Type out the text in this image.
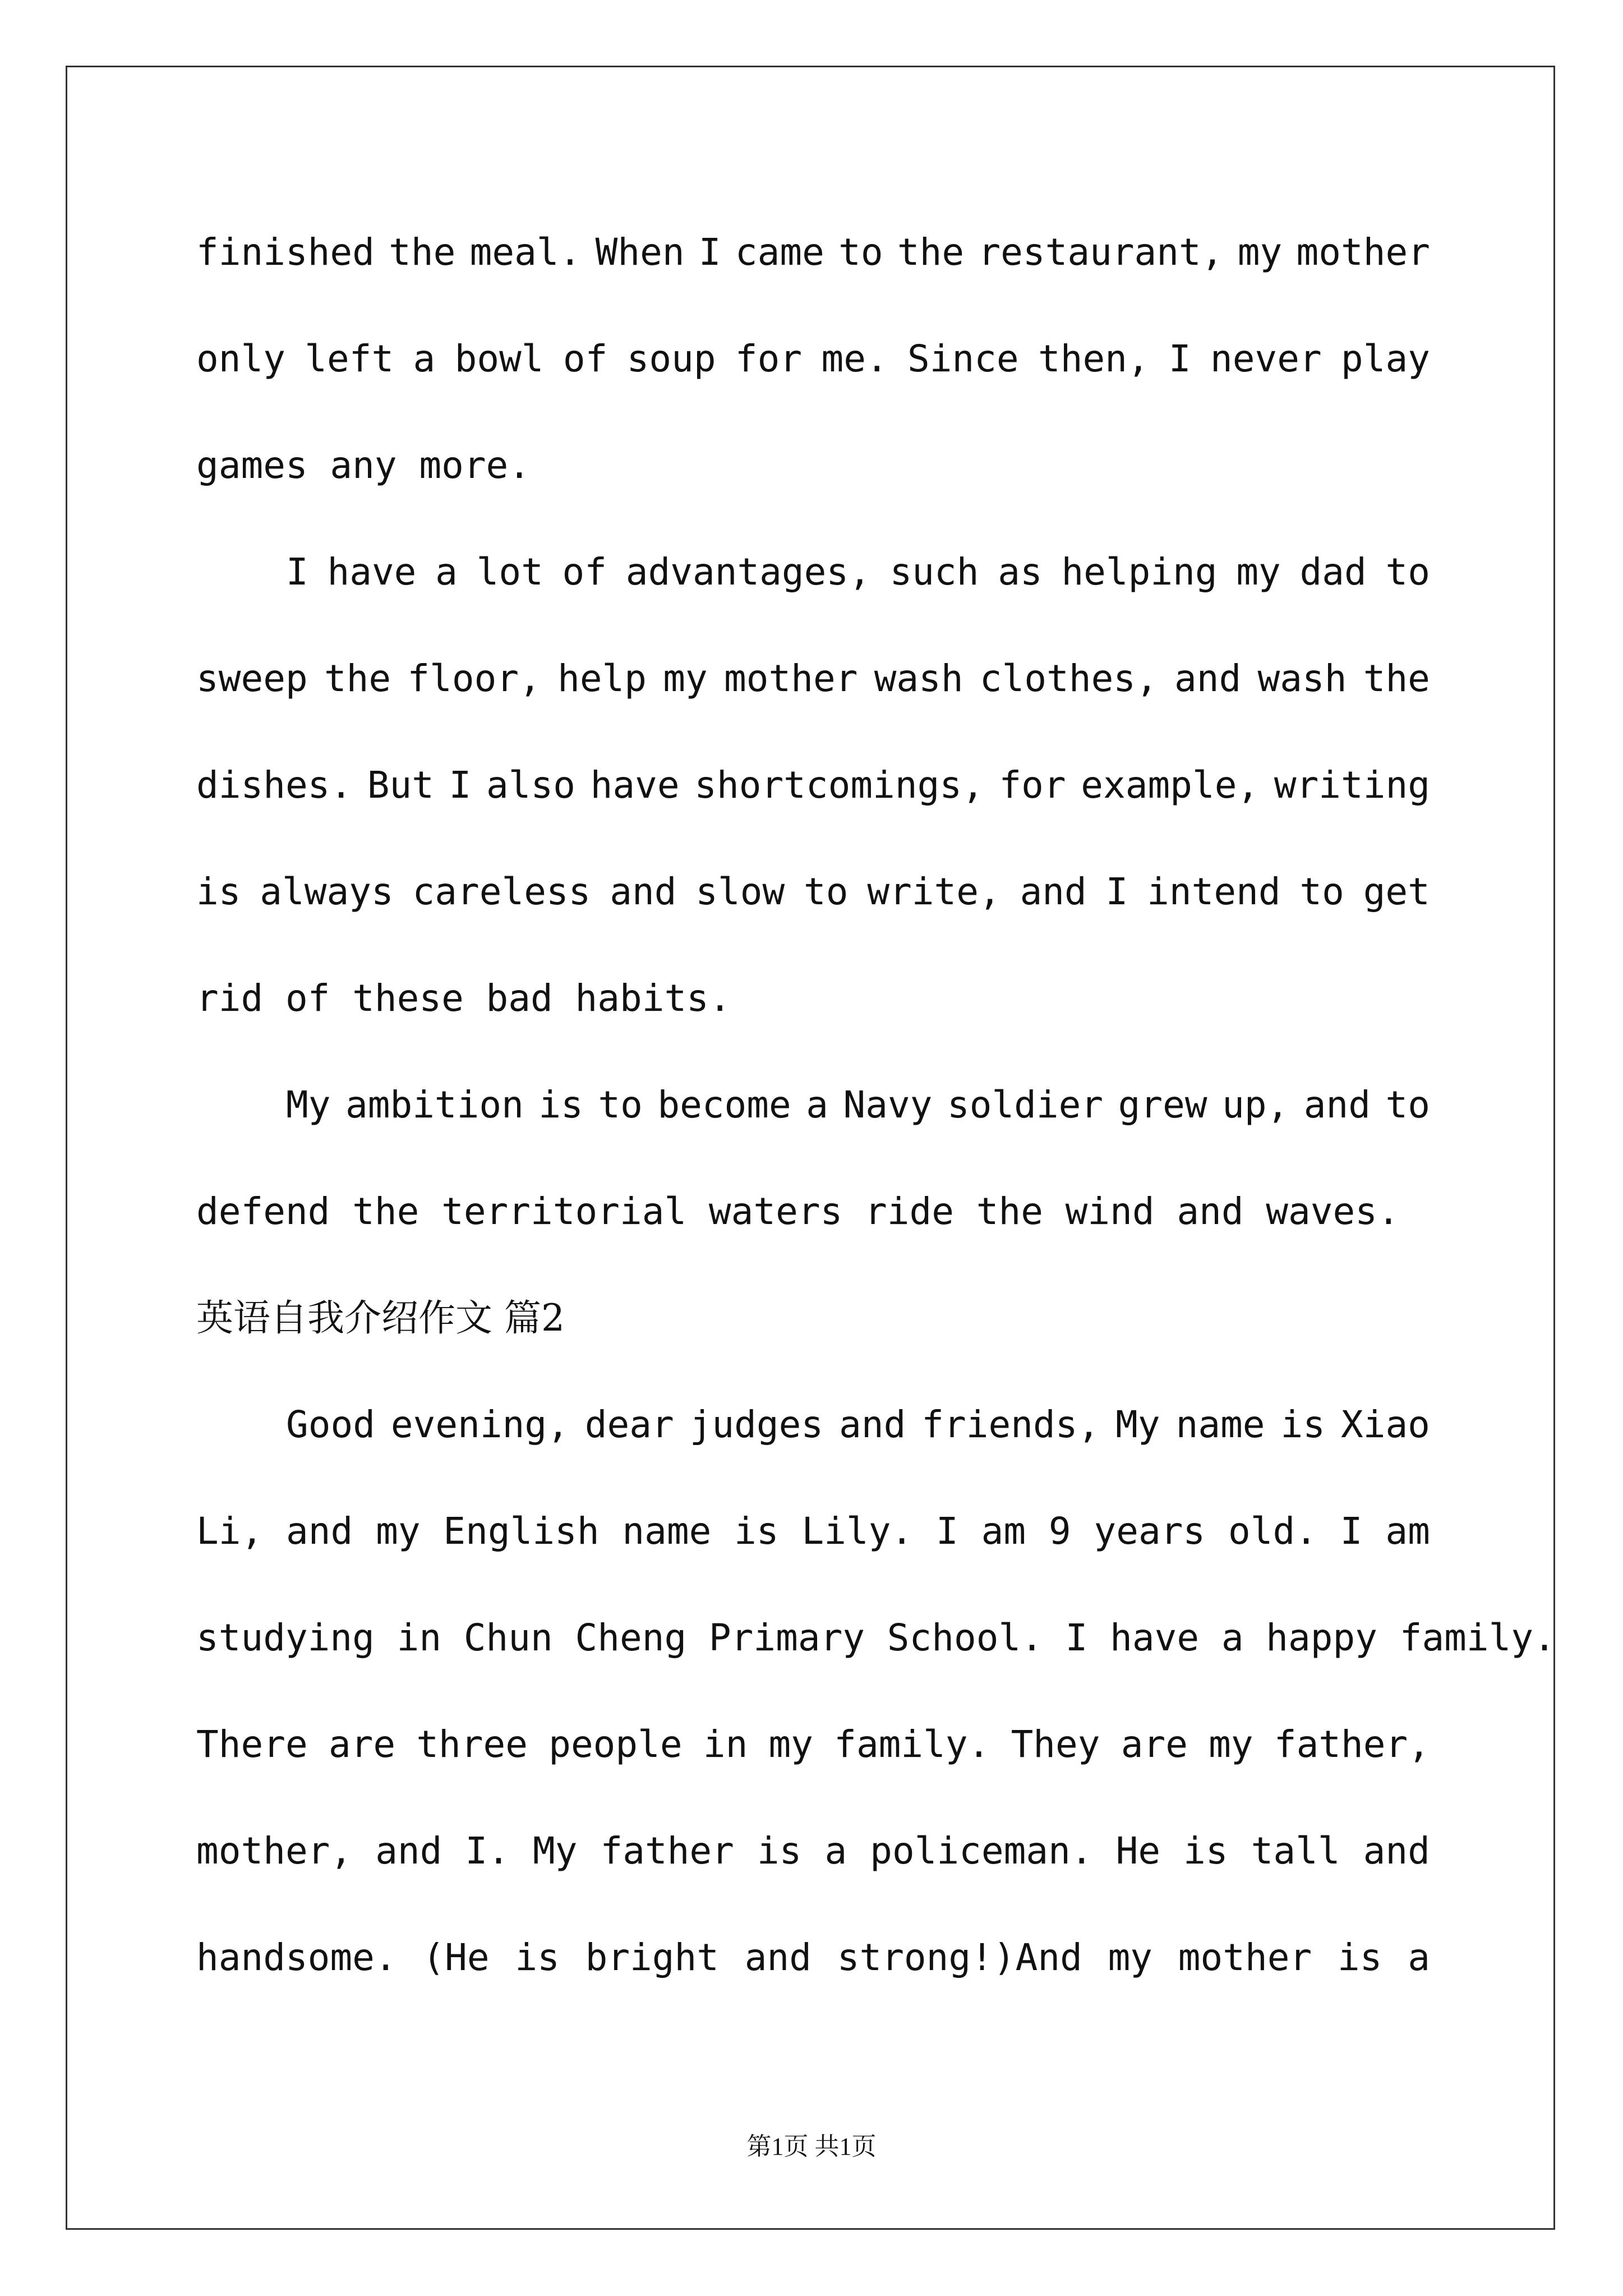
finished the meal. When I came to the restaurant, my mother
only left a bowl of soup for me. Since then, I never play
games any more.
I have a lot of advantages, such as helping my dad to
sweep the floor, help my mother wash clothes, and wash the
dishes. But I also have shortcomings, for example, writing
is always careless and slow to write, and I intend to get
rid of these bad habits.
My ambition is to become a Navy soldier grew up, and to
defend the territorial waters ride the wind and waves.
英语自我介绍作文 篇2
Good evening, dear judges and friends, My name is Xiao
Li, and my English name is Lily. I am 9 years old. I am
studying in Chun Cheng Primary School. I have a happy family.
There are three people in my family. They are my father,
mother, and I. My father is a policeman. He is tall and
handsome. (He is bright and strong!)And my mother is a
第1页 共1页
